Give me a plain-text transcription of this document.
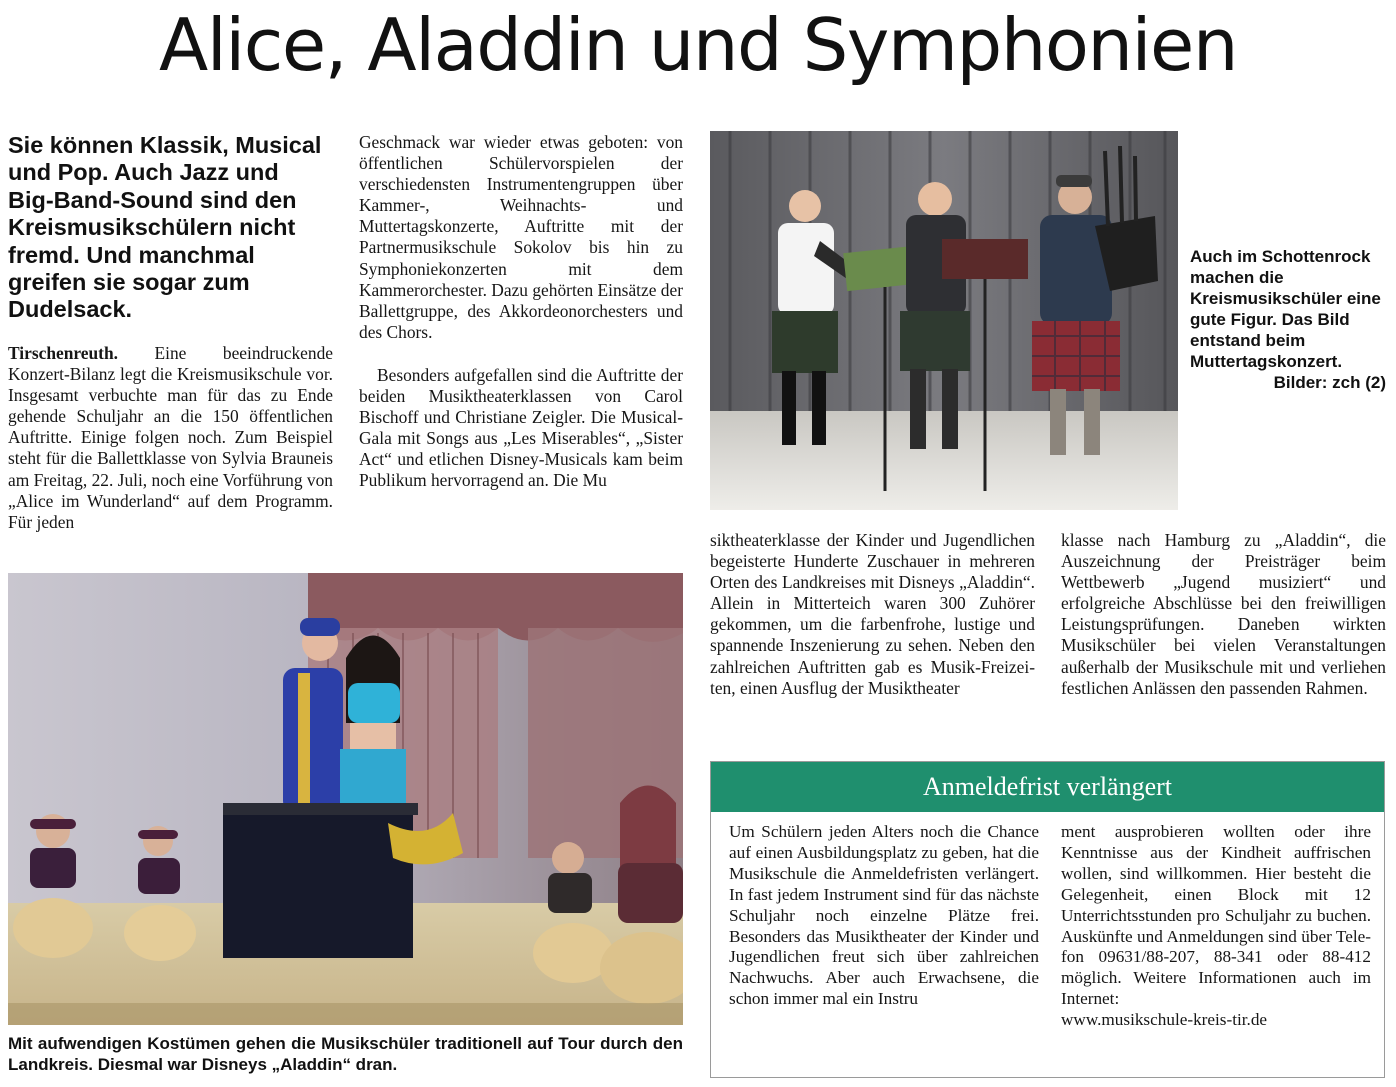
Alice, Aladdin und Symphonien
Sie können Klassik, Musical und Pop. Auch Jazz und Big-Band-Sound sind den Kreismusikschülern nicht fremd. Und manchmal greifen sie sogar zum Dudelsack.

Tirschenreuth. Eine beeindruckende Konzert-Bilanz legt die Kreismusikschule vor. Insgesamt verbuchte man für das zu Ende gehende Schuljahr an die 150 öffentlichen Auftritte. Einige folgen noch. Zum Beispiel steht für die Ballettklasse von Sylvia Brauneis am Freitag, 22. Juli, noch eine Vorführung von „Alice im Wunderland“ auf dem Programm. Für jeden

Geschmack war wieder etwas geboten: von öffentlichen Schülervorspielen der verschiedensten Instrumentengruppen über Kammer-, Weihnachts- und Muttertagskonzerte, Auftritte mit der Partnermusikschule Sokolov bis hin zu Symphoniekonzerten mit dem Kammerorchester. Dazu gehörten Einsätze der Ballettgruppe, des Akkordeonorchesters und des Chors.

Besonders aufgefallen sind die Auftritte der beiden Musiktheaterklassen von Carol Bischoff und Christiane Zeigler. Die Musical-Gala mit Songs aus „Les Miserables“, „Sister Act“ und etlichen Disney-Musicals kam beim Publikum hervorragend an. Die Mu

Auch im Schottenrock machen die Kreismusikschüler eine gute Figur. Das Bild entstand beim Muttertagskonzert.
Bilder: zch (2)

siktheaterklasse der Kinder und Jugendlichen begeisterte Hunderte Zuschauer in mehreren Orten des Landkreises mit Disneys „Aladdin“. Allein in Mitterteich waren 300 Zuhörer gekommen, um die farbenfrohe, lustige und spannende Inszenierung zu sehen. Neben den zahlreichen Auftritten gab es Musik-Freizeiten, einen Ausflug der Musiktheater

klasse nach Hamburg zu „Aladdin“, die Auszeichnung der Preisträger beim Wettbewerb „Jugend musiziert“ und erfolgreiche Abschlüsse bei den freiwilligen Leistungsprüfungen. Daneben wirkten Musikschüler bei vielen Veranstaltungen außerhalb der Musikschule mit und verliehen festlichen Anlässen den passenden Rahmen.

Mit aufwendigen Kostümen gehen die Musikschüler traditionell auf Tour durch den Landkreis. Diesmal war Disneys „Aladdin“ dran.
Anmeldefrist verlängert
Um Schülern jeden Alters noch die Chance auf einen Ausbildungsplatz zu geben, hat die Musikschule die Anmeldefristen verlängert. In fast jedem Instrument sind für das nächste Schuljahr noch einzelne Plätze frei. Besonders das Musiktheater der Kinder und Jugendlichen freut sich über zahlreichen Nachwuchs. Aber auch Erwachsene, die schon immer mal ein Instru
ment ausprobieren wollten oder ihre Kenntnisse aus der Kindheit auffrischen wollen, sind willkommen. Hier besteht die Gelegenheit, einen Block mit 12 Unterrichtsstunden pro Schuljahr zu buchen. Auskünfte und Anmeldungen sind über Telefon 09631/88-207, 88-341 oder 88-412 möglich. Weitere Informationen auch im Internet:
www.musikschule-kreis-tir.de
